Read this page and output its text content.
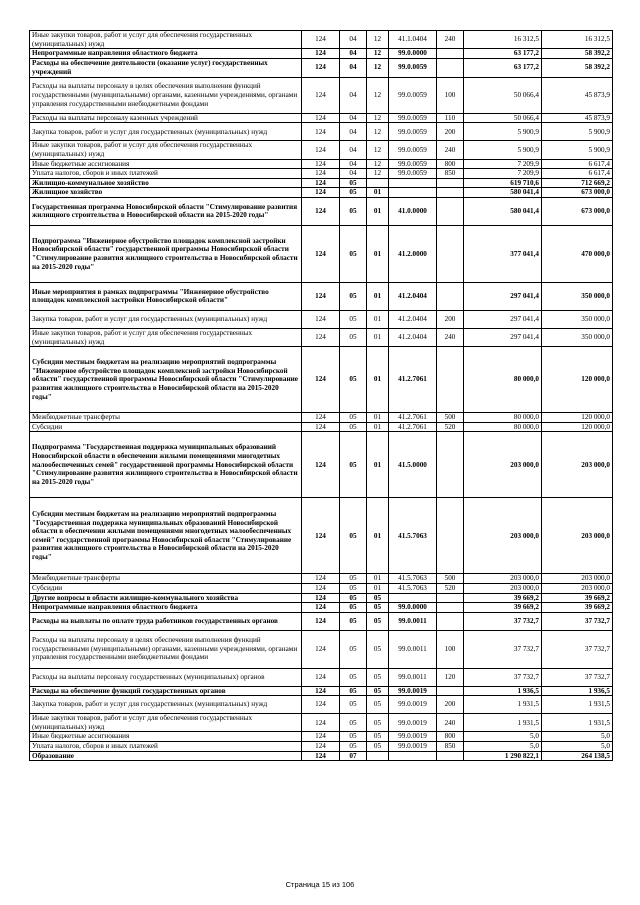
Иные закупки товаров, работ и услуг для обеспечения государственных (муниципальных) нужд	124	04	12	41.1.0404	240	16 312,5	16 312,5
Непрограммные направления областного бюджета	124	04	12	99.0.0000		63 177,2	58 392,2
Расходы на обеспечение деятельности (оказание услуг) государственных учреждений	124	04	12	99.0.0059		63 177,2	58 392,2
Расходы на выплаты персоналу в целях обеспечения выполнения функций государственными (муниципальными) органами, казенными учреждениями, органами управления государственными внебюджетными фондами	124	04	12	99.0.0059	100	50 066,4	45 873,9
Расходы на выплаты персоналу казенных учреждений	124	04	12	99.0.0059	110	50 066,4	45 873,9
Закупка товаров, работ и услуг для государственных (муниципальных) нужд	124	04	12	99.0.0059	200	5 900,9	5 900,9
Иные закупки товаров, работ и услуг для обеспечения государственных (муниципальных) нужд	124	04	12	99.0.0059	240	5 900,9	5 900,9
Иные бюджетные ассигнования	124	04	12	99.0.0059	800	7 209,9	6 617,4
Уплата налогов, сборов и иных платежей	124	04	12	99.0.0059	850	7 209,9	6 617,4
Жилищно-коммунальное хозяйство	124	05				619 710,6	712 669,2
Жилищное хозяйство	124	05	01			580 041,4	673 000,0
Государственная программа Новосибирской области "Стимулирование развития жилищного строительства в Новосибирской области на 2015-2020 годы"	124	05	01	41.0.0000		580 041,4	673 000,0
Подпрограмма "Инженерное обустройство площадок комплексной застройки Новосибирской области" государственной программы Новосибирской области "Стимулирование развития жилищного строительства в Новосибирской области на 2015-2020 годы"	124	05	01	41.2.0000		377 041,4	470 000,0
Иные мероприятия в рамках подпрограммы "Инженерное обустройство площадок комплексной застройки Новосибирской области"	124	05	01	41.2.0404		297 041,4	350 000,0
Закупка товаров, работ и услуг для государственных (муниципальных) нужд	124	05	01	41.2.0404	200	297 041,4	350 000,0
Иные закупки товаров, работ и услуг для обеспечения государственных (муниципальных) нужд	124	05	01	41.2.0404	240	297 041,4	350 000,0
Субсидии местным бюджетам на реализацию мероприятий подпрограммы "Инженерное обустройство площадок комплексной застройки Новосибирской области" государственной программы Новосибирской области "Стимулирование развития жилищного строительства в Новосибирской области на 2015-2020 годы"	124	05	01	41.2.7061		80 000,0	120 000,0
Межбюджетные трансферты	124	05	01	41.2.7061	500	80 000,0	120 000,0
Субсидии	124	05	01	41.2.7061	520	80 000,0	120 000,0
Подпрограмма "Государственная поддержка муниципальных образований Новосибирской области в обеспечении жилыми помещениями многодетных малообеспеченных семей" государственной программы Новосибирской области "Стимулирование развития жилищного строительства в Новосибирской области на 2015-2020 годы"	124	05	01	41.5.0000		203 000,0	203 000,0
Субсидии местным бюджетам на реализацию мероприятий подпрограммы "Государственная поддержка муниципальных образований Новосибирской области в обеспечении жилыми помещениями многодетных малообеспеченных семей" государственной программы Новосибирской области "Стимулирование развития жилищного строительства в Новосибирской области на 2015-2020 годы"	124	05	01	41.5.7063		203 000,0	203 000,0
Межбюджетные трансферты	124	05	01	41.5.7063	500	203 000,0	203 000,0
Субсидии	124	05	01	41.5.7063	520	203 000,0	203 000,0
Другие вопросы в области жилищно-коммунального хозяйства	124	05	05			39 669,2	39 669,2
Непрограммные направления областного бюджета	124	05	05	99.0.0000		39 669,2	39 669,2
Расходы на выплаты по оплате труда работников государственных органов	124	05	05	99.0.0011		37 732,7	37 732,7
Расходы на выплаты персоналу в целях обеспечения выполнения функций государственными (муниципальными) органами, казенными учреждениями, органами управления государственными внебюджетными фондами	124	05	05	99.0.0011	100	37 732,7	37 732,7
Расходы на выплаты персоналу государственных (муниципальных) органов	124	05	05	99.0.0011	120	37 732,7	37 732,7
Расходы на обеспечение функций государственных органов	124	05	05	99.0.0019		1 936,5	1 936,5
Закупка товаров, работ и услуг для государственных (муниципальных) нужд	124	05	05	99.0.0019	200	1 931,5	1 931,5
Иные закупки товаров, работ и услуг для обеспечения государственных (муниципальных) нужд	124	05	05	99.0.0019	240	1 931,5	1 931,5
Иные бюджетные ассигнования	124	05	05	99.0.0019	800	5,0	5,0
Уплата налогов, сборов и иных платежей	124	05	05	99.0.0019	850	5,0	5,0
Образование	124	07				1 290 822,1	264 138,5
Страница 15 из 106
